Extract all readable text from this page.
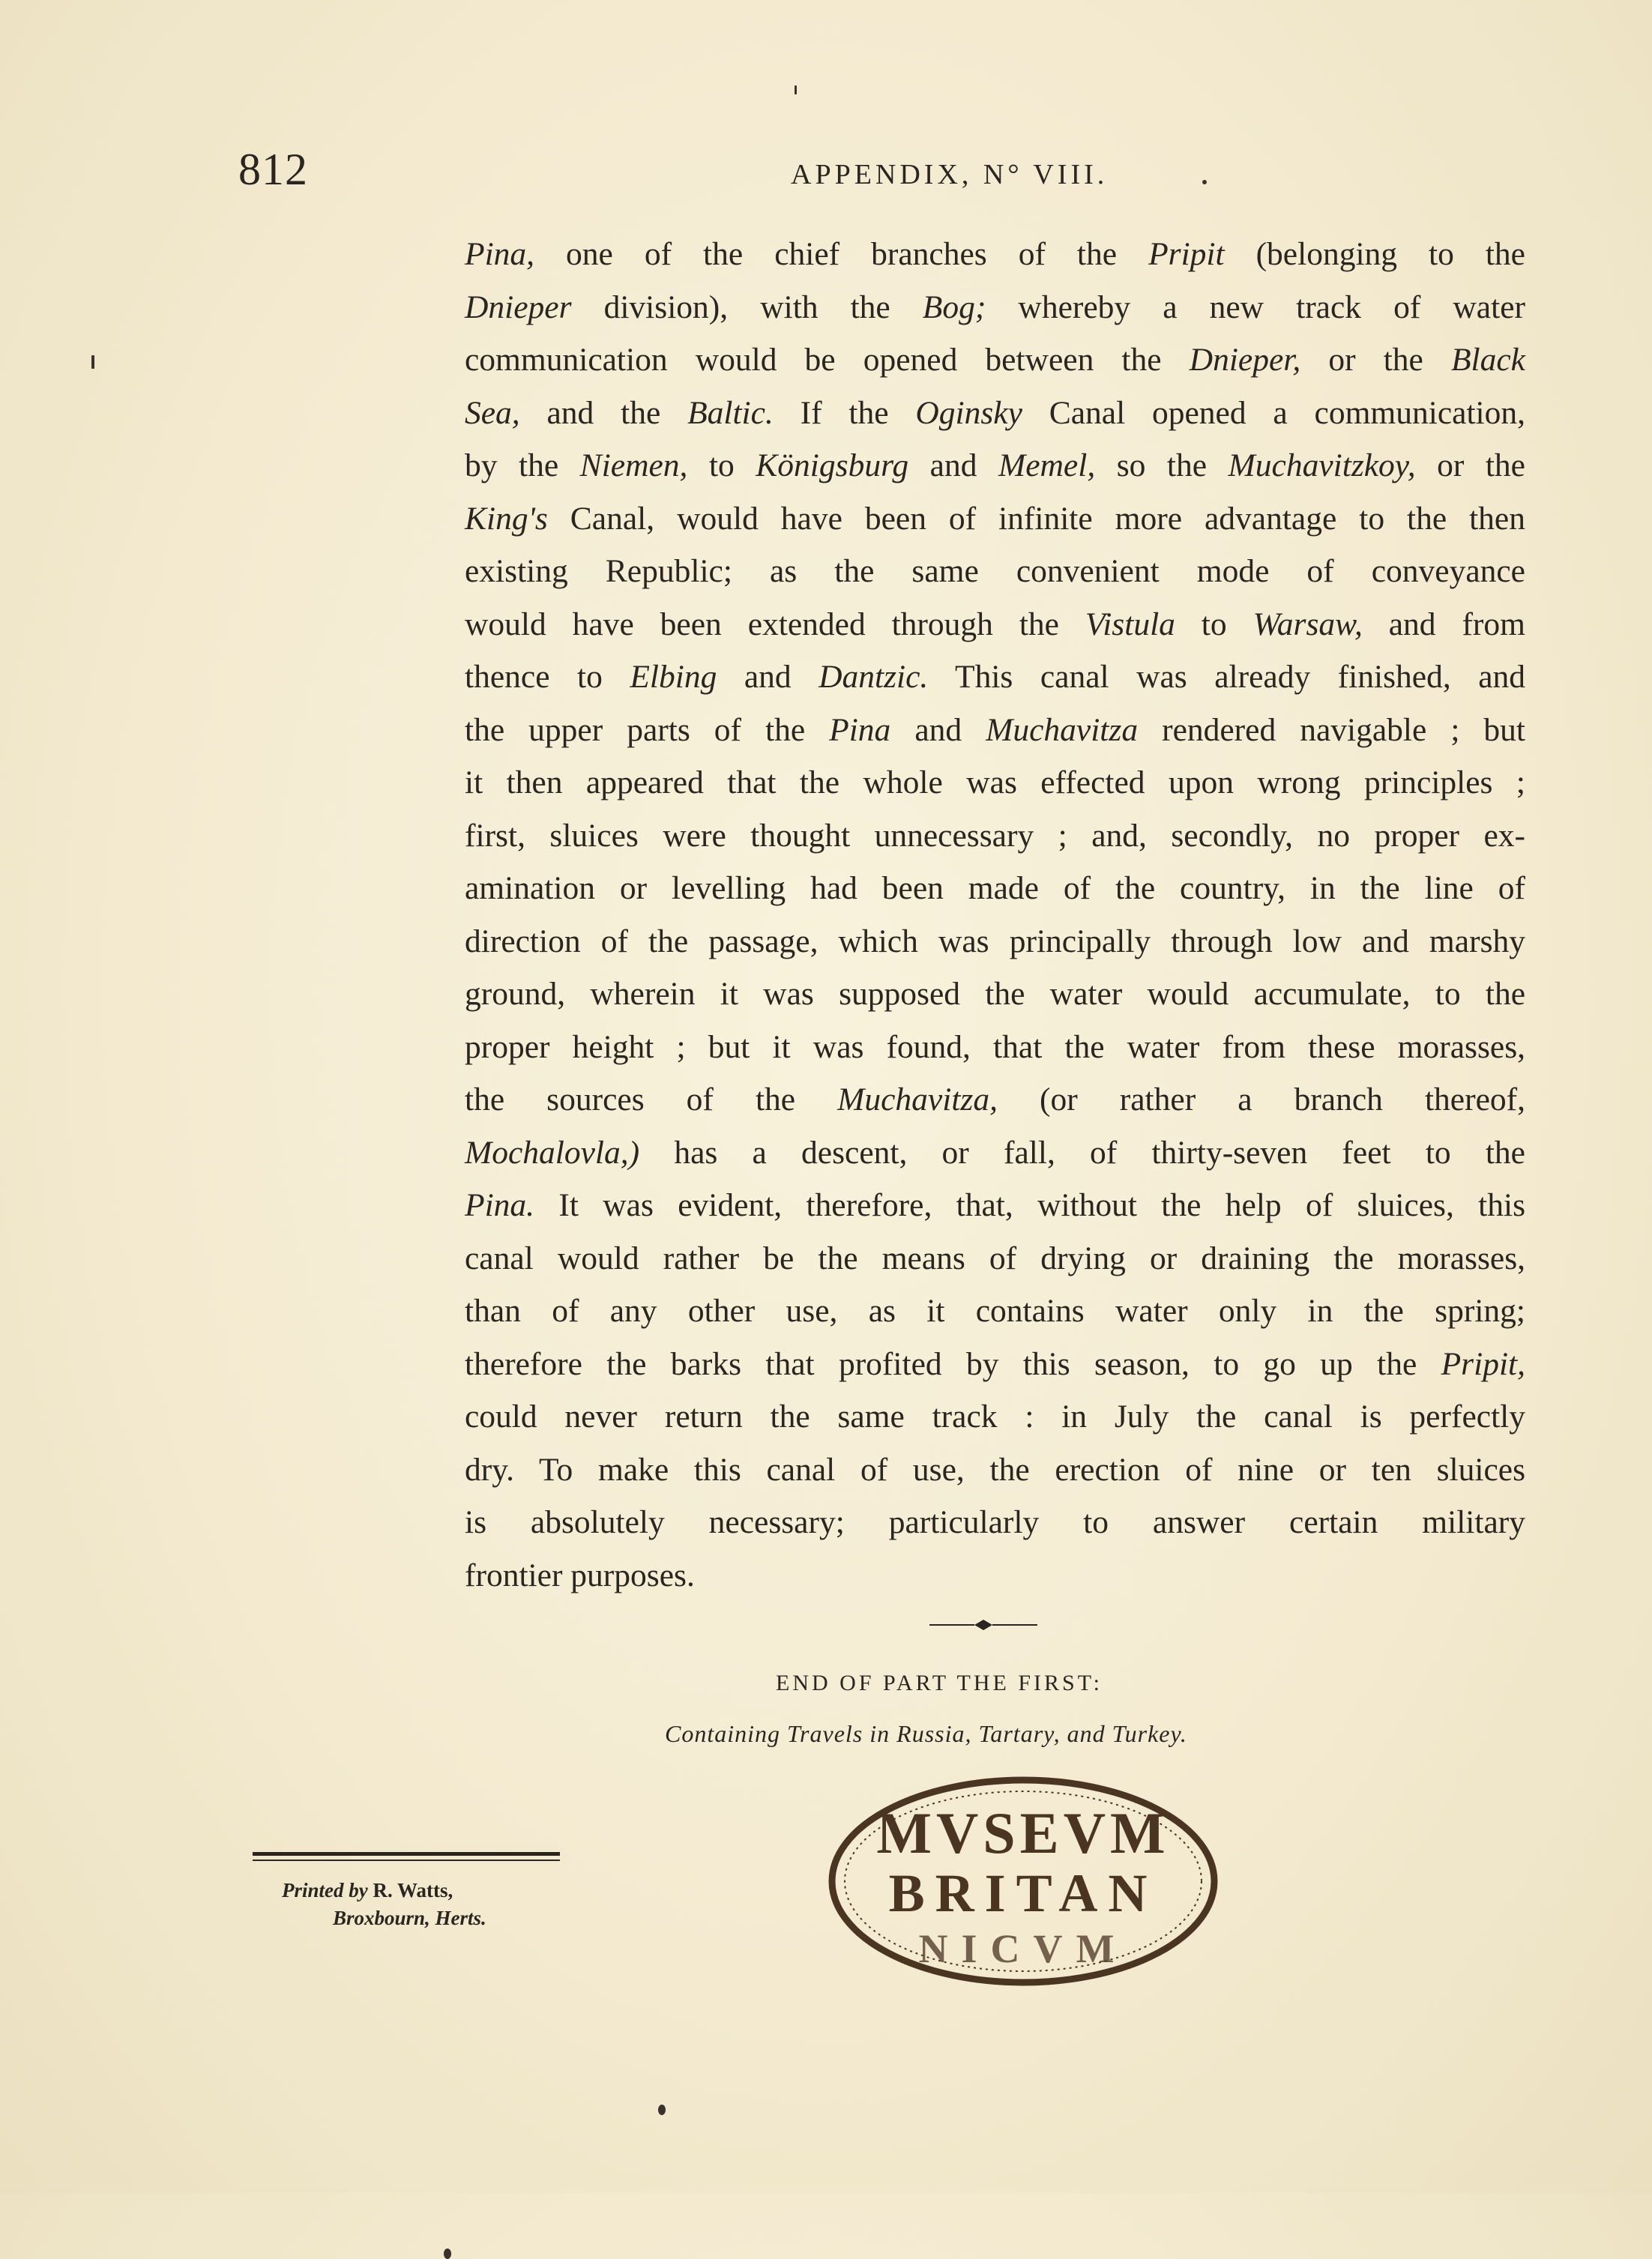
812	APPENDIX, N° VIII.
Pina, one of the chief branches of the Pripit (belonging to the
Dnieper division), with the Bog; whereby a new track of water
communication would be opened between the Dnieper, or the Black
Sea, and the Baltic. If the Oginsky Canal opened a communication,
by the Niemen, to Königsburg and Memel, so the Muchavitzkoy, or the
King's Canal, would have been of infinite more advantage to the then
existing Republic; as the same convenient mode of conveyance
would have been extended through the Vistula to Warsaw, and from
thence to Elbing and Dantzic. This canal was already finished, and
the upper parts of the Pina and Muchavitza rendered navigable ; but
it then appeared that the whole was effected upon wrong principles ;
first, sluices were thought unnecessary ; and, secondly, no proper ex-
amination or levelling had been made of the country, in the line of
direction of the passage, which was principally through low and marshy
ground, wherein it was supposed the water would accumulate, to the
proper height ; but it was found, that the water from these morasses,
the sources of the Muchavitza, (or rather a branch thereof,
Mochalovla,) has a descent, or fall, of thirty-seven feet to the
Pina. It was evident, therefore, that, without the help of sluices, this
canal would rather be the means of drying or draining the morasses,
than of any other use, as it contains water only in the spring;
therefore the barks that profited by this season, to go up the Pripit,
could never return the same track : in July the canal is perfectly
dry. To make this canal of use, the erection of nine or ten sluices
is absolutely necessary; particularly to answer certain military
frontier purposes.
END OF PART THE FIRST:
Containing Travels in Russia, Tartary, and Turkey.
Printed by R. Watts,
Broxbourn, Herts.
MVSEVM
BRITAN
NICVM
